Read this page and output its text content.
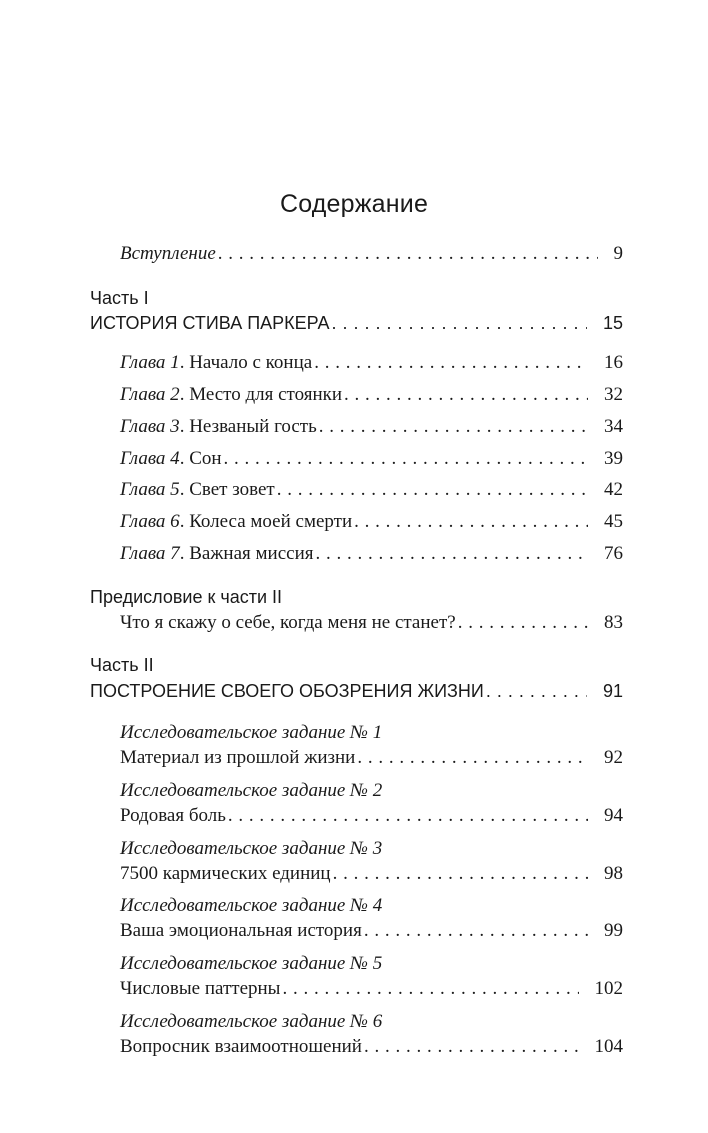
Содержание
Вступление . . .	9
Часть I
ИСТОРИЯ СТИВА ПАРКЕРА . . .	15
Глава 1. Начало с конца . . .	16
Глава 2. Место для стоянки . . .	32
Глава 3. Незваный гость . . .	34
Глава 4. Сон . . .	39
Глава 5. Свет зовет . . .	42
Глава 6. Колеса моей смерти . . .	45
Глава 7. Важная миссия . . .	76
Предисловие к части II
Что я скажу о себе, когда меня не станет? . . .	83
Часть II
ПОСТРОЕНИЕ СВОЕГО ОБОЗРЕНИЯ ЖИЗНИ . . .	91
Исследовательское задание № 1
Материал из прошлой жизни . . .	92
Исследовательское задание № 2
Родовая боль . . .	94
Исследовательское задание № 3
7500 кармических единиц . . .	98
Исследовательское задание № 4
Ваша эмоциональная история . . .	99
Исследовательское задание № 5
Числовые паттерны . . .	102
Исследовательское задание № 6
Вопросник взаимоотношений . . .	104
